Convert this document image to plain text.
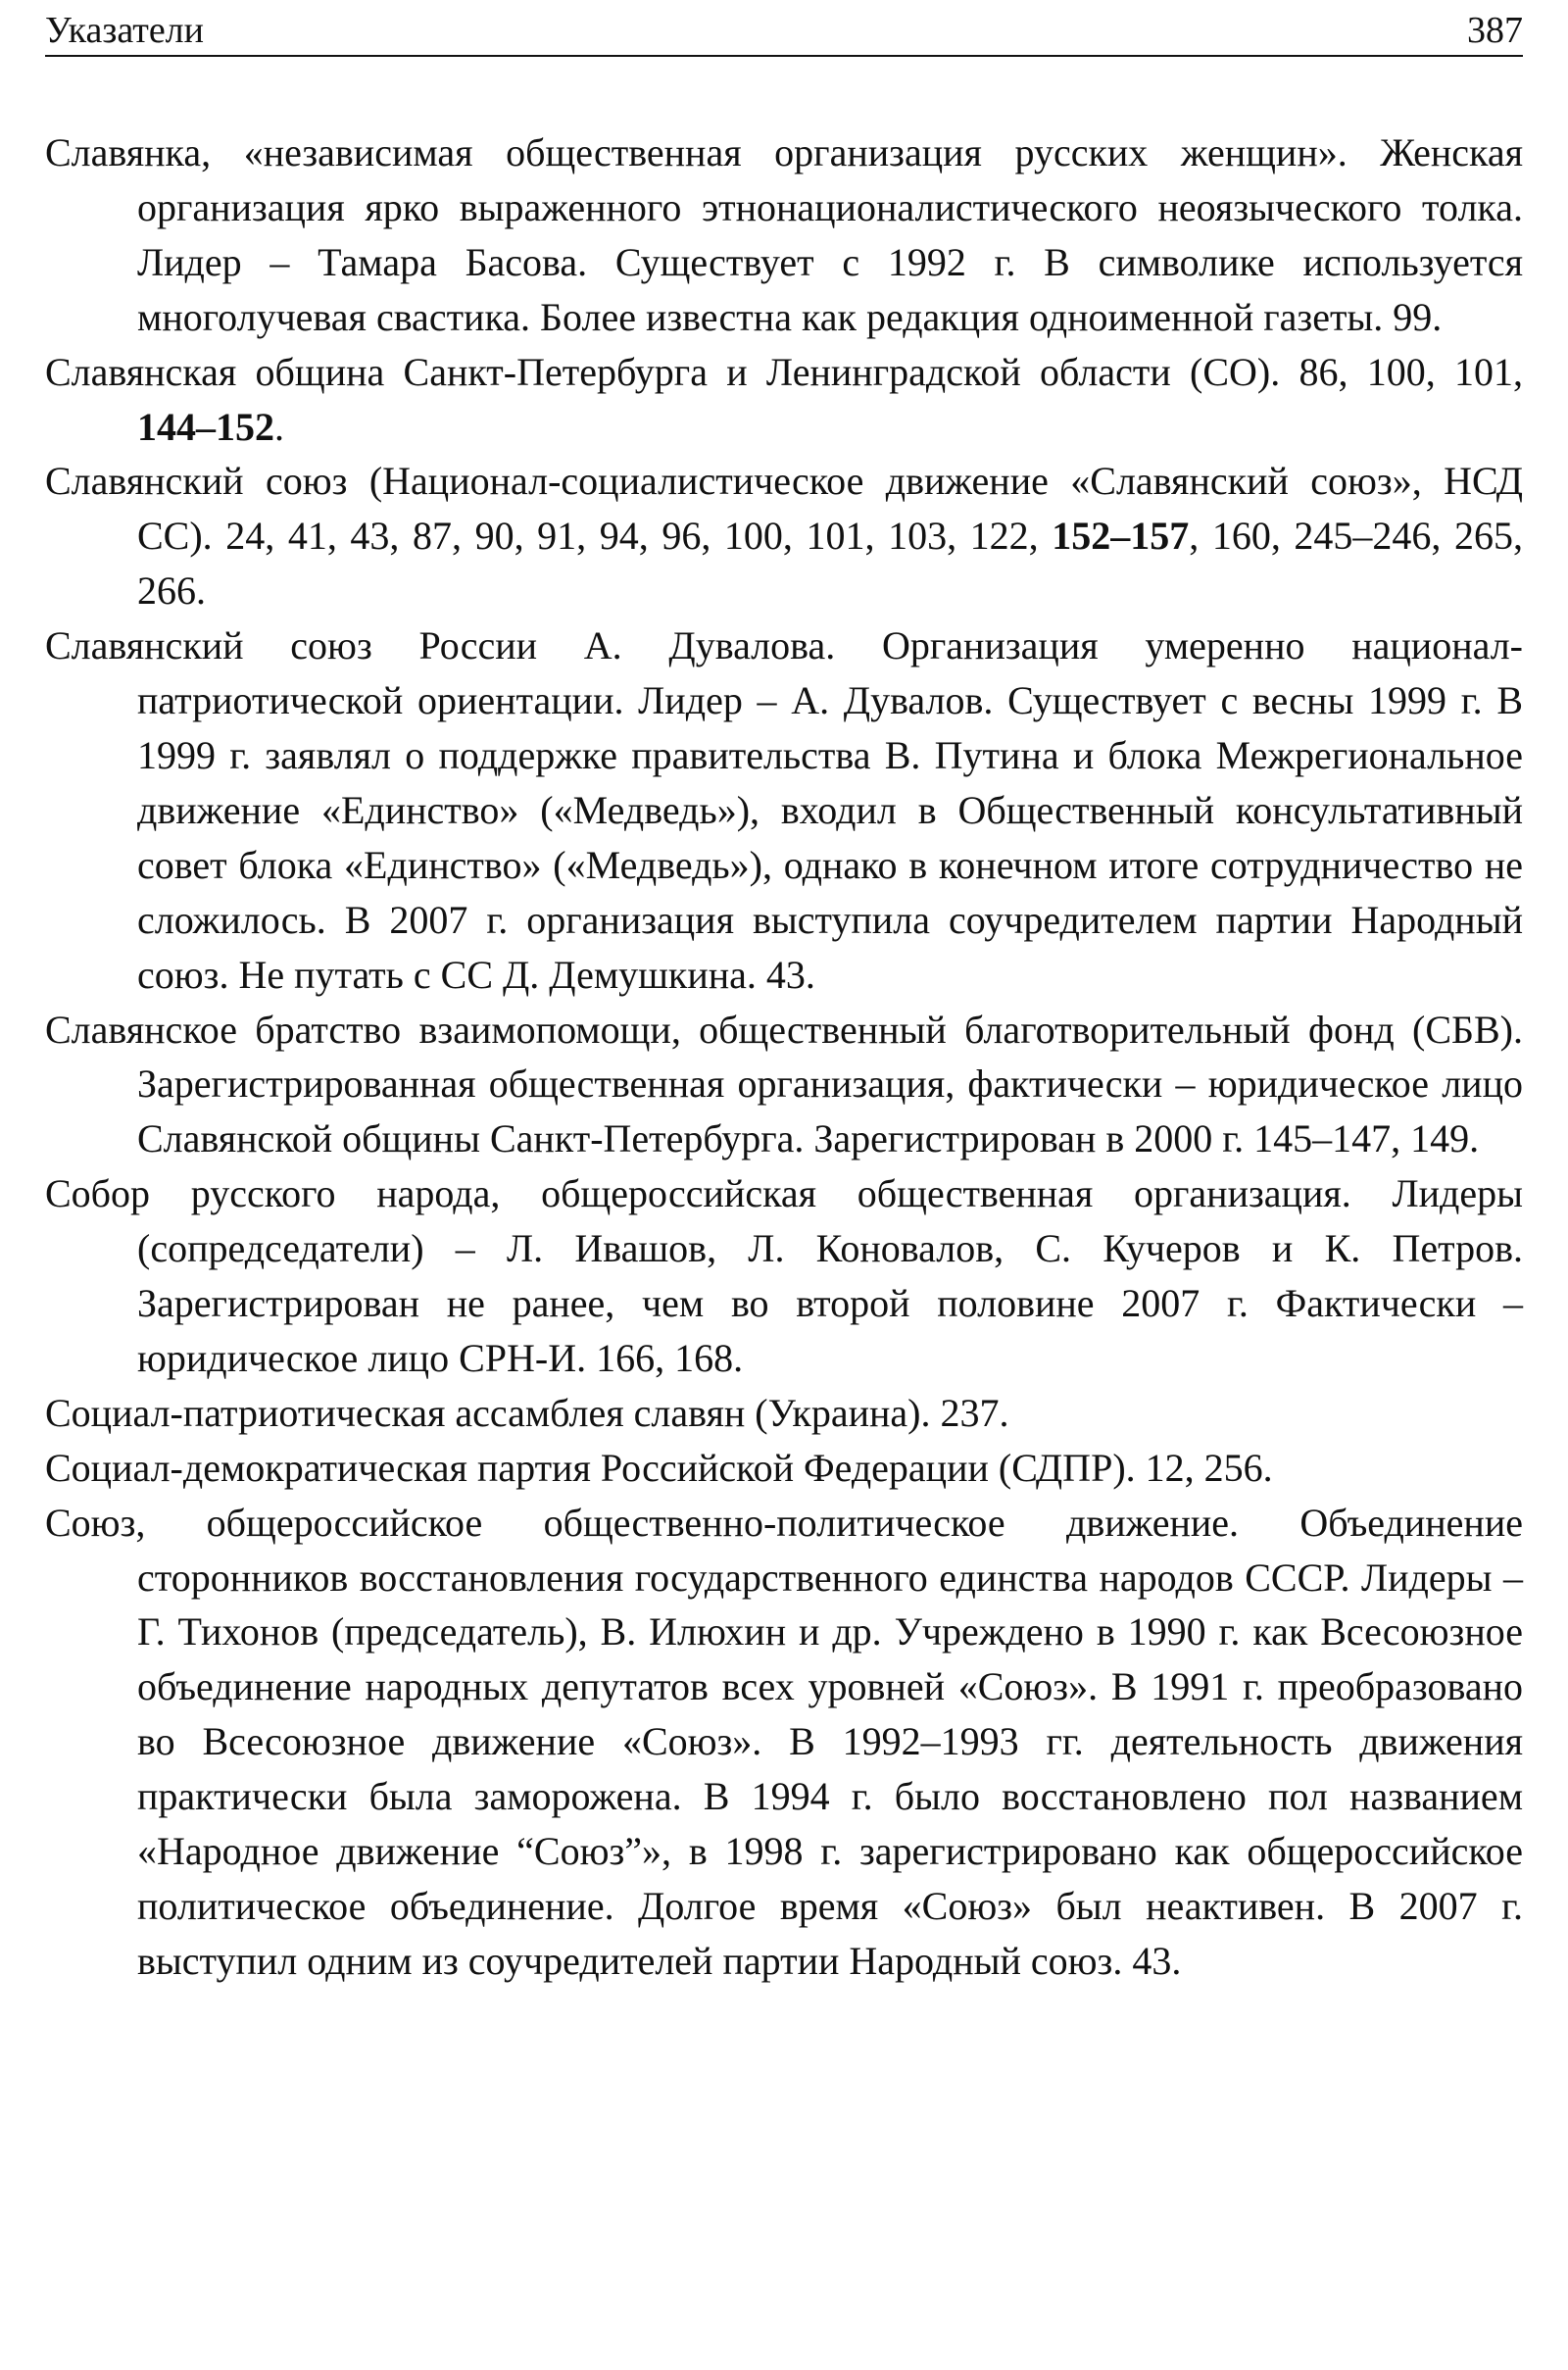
Указатели	387

Славянка, «независимая общественная организация русских женщин». Женская организация ярко выраженного этнонационалистического неоязыческого толка. Лидер – Тамара Басова. Существует с 1992 г. В символике используется многолучевая свастика. Более известна как редакция одноименной газеты. 99.

Славянская община Санкт-Петербурга и Ленинградской области (СО). 86, 100, 101, 144–152.

Славянский союз (Национал-социалистическое движение «Славянский союз», НСД СС). 24, 41, 43, 87, 90, 91, 94, 96, 100, 101, 103, 122, 152–157, 160, 245–246, 265, 266.

Славянский союз России А. Дувалова. Организация умеренно национал-патриотической ориентации. Лидер – А. Дувалов. Существует с весны 1999 г. В 1999 г. заявлял о поддержке правительства В. Путина и блока Межрегиональное движение «Единство» («Медведь»), входил в Общественный консультативный совет блока «Единство» («Медведь»), однако в конечном итоге сотрудничество не сложилось. В 2007 г. организация выступила соучредителем партии Народный союз. Не путать с СС Д. Демушкина. 43.

Славянское братство взаимопомощи, общественный благотворительный фонд (СБВ). Зарегистрированная общественная организация, фактически – юридическое лицо Славянской общины Санкт-Петербурга. Зарегистрирован в 2000 г. 145–147, 149.

Собор русского народа, общероссийская общественная организация. Лидеры (сопредседатели) – Л. Ивашов, Л. Коновалов, С. Кучеров и К. Петров. Зарегистрирован не ранее, чем во второй половине 2007 г. Фактически – юридическое лицо СРН-И. 166, 168.

Социал-патриотическая ассамблея славян (Украина). 237.

Социал-демократическая партия Российской Федерации (СДПР). 12, 256.

Союз, общероссийское общественно-политическое движение. Объединение сторонников восстановления государственного единства народов СССР. Лидеры – Г. Тихонов (председатель), В. Илюхин и др. Учреждено в 1990 г. как Всесоюзное объединение народных депутатов всех уровней «Союз». В 1991 г. преобразовано во Всесоюзное движение «Союз». В 1992–1993 гг. деятельность движения практически была заморожена. В 1994 г. было восстановлено пол названием «Народное движение “Союз”», в 1998 г. зарегистрировано как общероссийское политическое объединение. Долгое время «Союз» был неактивен. В 2007 г. выступил одним из соучредителей партии Народный союз. 43.
